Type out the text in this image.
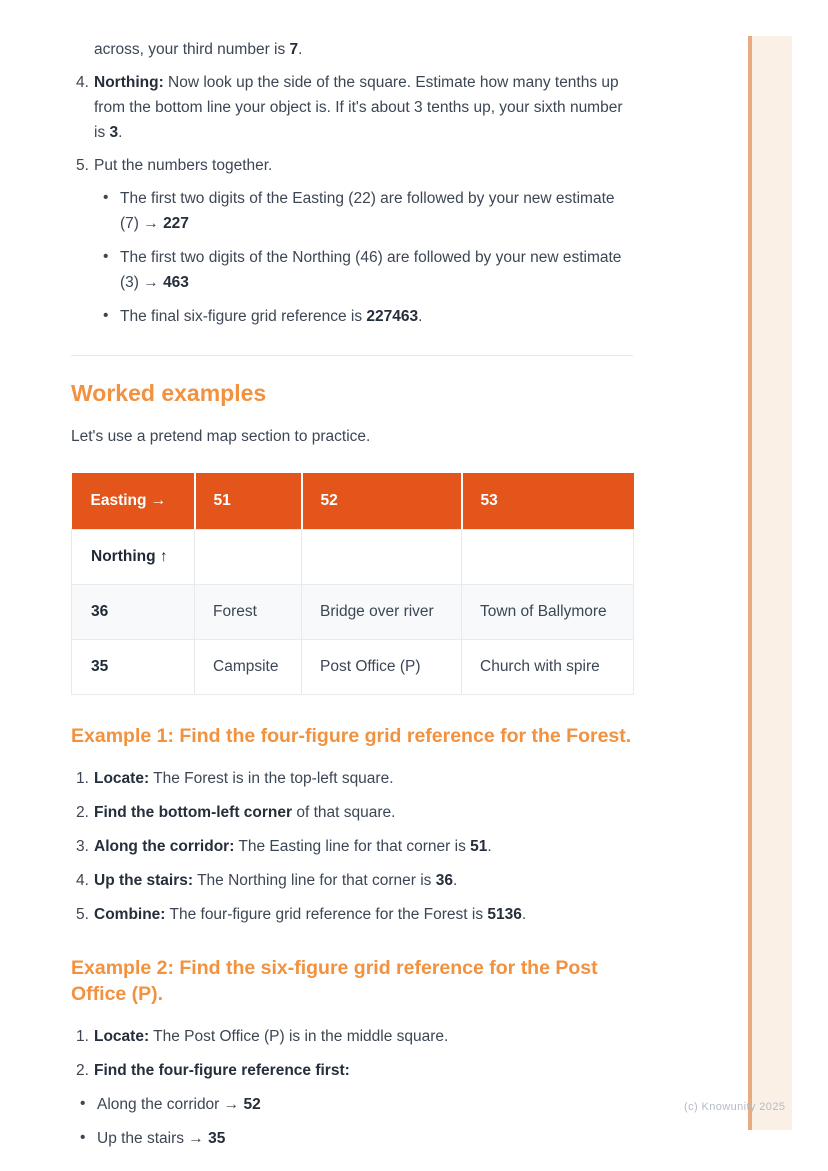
across, your third number is 7.
4. Northing: Now look up the side of the square. Estimate how many tenths up from the bottom line your object is. If it's about 3 tenths up, your sixth number is 3.
5. Put the numbers together.
• The first two digits of the Easting (22) are followed by your new estimate (7) → 227
• The first two digits of the Northing (46) are followed by your new estimate (3) → 463
• The final six-figure grid reference is 227463.
Worked examples
Let's use a pretend map section to practice.
Easting →	51	52	53
Northing ↑			
36	Forest	Bridge over river	Town of Ballymore
35	Campsite	Post Office (P)	Church with spire
Example 1: Find the four-figure grid reference for the Forest.
1. Locate: The Forest is in the top-left square.
2. Find the bottom-left corner of that square.
3. Along the corridor: The Easting line for that corner is 51.
4. Up the stairs: The Northing line for that corner is 36.
5. Combine: The four-figure grid reference for the Forest is 5136.
Example 2: Find the six-figure grid reference for the Post Office (P).
1. Locate: The Post Office (P) is in the middle square.
2. Find the four-figure reference first:
• Along the corridor → 52
• Up the stairs → 35
(c) Knowunity 2025
